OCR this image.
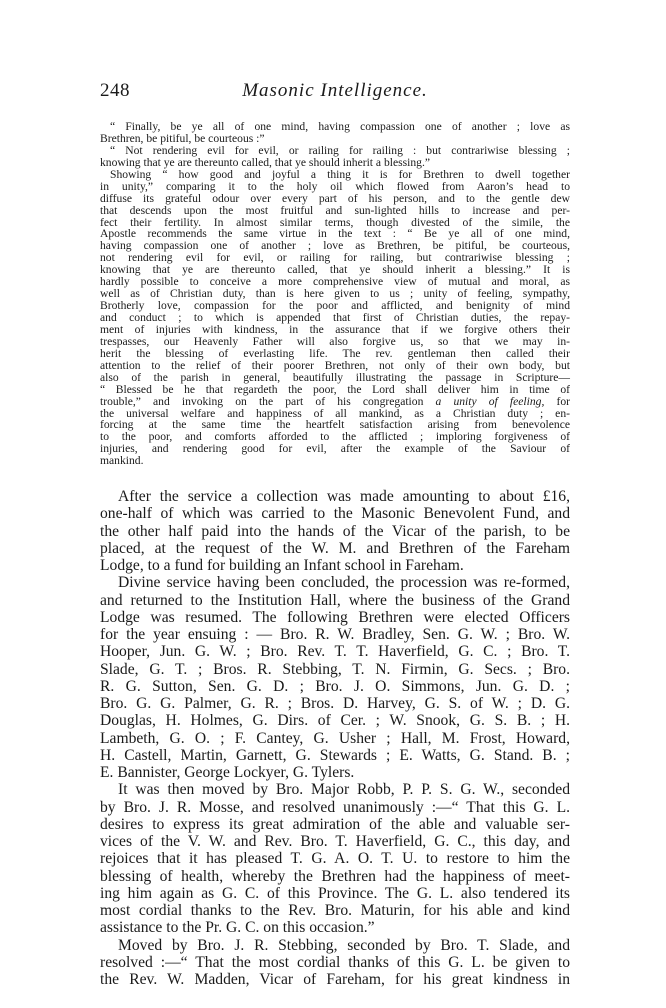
248	Masonic Intelligence.
“ Finally, be ye all of one mind, having compassion one of another ; love as
Brethren, be pitiful, be courteous :”
“ Not rendering evil for evil, or railing for railing : but contrariwise blessing ;
knowing that ye are thereunto called, that ye should inherit a blessing.”
Showing “ how good and joyful a thing it is for Brethren to dwell together
in unity,” comparing it to the holy oil which flowed from Aaron’s head to
diffuse its grateful odour over every part of his person, and to the gentle dew
that descends upon the most fruitful and sun-lighted hills to increase and per-
fect their fertility. In almost similar terms, though divested of the simile, the
Apostle recommends the same virtue in the text : “ Be ye all of one mind,
having compassion one of another ; love as Brethren, be pitiful, be courteous,
not rendering evil for evil, or railing for railing, but contrariwise blessing ;
knowing that ye are thereunto called, that ye should inherit a blessing.” It is
hardly possible to conceive a more comprehensive view of mutual and moral, as
well as of Christian duty, than is here given to us ; unity of feeling, sympathy,
Brotherly love, compassion for the poor and afflicted, and benignity of mind
and conduct ; to which is appended that first of Christian duties, the repay-
ment of injuries with kindness, in the assurance that if we forgive others their
trespasses, our Heavenly Father will also forgive us, so that we may in-
herit the blessing of everlasting life. The rev. gentleman then called their
attention to the relief of their poorer Brethren, not only of their own body, but
also of the parish in general, beautifully illustrating the passage in Scripture—
“ Blessed be he that regardeth the poor, the Lord shall deliver him in time of
trouble,” and invoking on the part of his congregation a unity of feeling, for
the universal welfare and happiness of all mankind, as a Christian duty ; en-
forcing at the same time the heartfelt satisfaction arising from benevolence
to the poor, and comforts afforded to the afflicted ; imploring forgiveness of
injuries, and rendering good for evil, after the example of the Saviour of
mankind.
After the service a collection was made amounting to about £16,
one-half of which was carried to the Masonic Benevolent Fund, and
the other half paid into the hands of the Vicar of the parish, to be
placed, at the request of the W. M. and Brethren of the Fareham
Lodge, to a fund for building an Infant school in Fareham.
Divine service having been concluded, the procession was re-formed,
and returned to the Institution Hall, where the business of the Grand
Lodge was resumed. The following Brethren were elected Officers
for the year ensuing : — Bro. R. W. Bradley, Sen. G. W. ; Bro. W.
Hooper, Jun. G. W. ; Bro. Rev. T. T. Haverfield, G. C. ; Bro. T.
Slade, G. T. ; Bros. R. Stebbing, T. N. Firmin, G. Secs. ; Bro.
R. G. Sutton, Sen. G. D. ; Bro. J. O. Simmons, Jun. G. D. ;
Bro. G. G. Palmer, G. R. ; Bros. D. Harvey, G. S. of W. ; D. G.
Douglas, H. Holmes, G. Dirs. of Cer. ; W. Snook, G. S. B. ; H.
Lambeth, G. O. ; F. Cantey, G. Usher ; Hall, M. Frost, Howard,
H. Castell, Martin, Garnett, G. Stewards ; E. Watts, G. Stand. B. ;
E. Bannister, George Lockyer, G. Tylers.
It was then moved by Bro. Major Robb, P. P. S. G. W., seconded
by Bro. J. R. Mosse, and resolved unanimously :—“ That this G. L.
desires to express its great admiration of the able and valuable ser-
vices of the V. W. and Rev. Bro. T. Haverfield, G. C., this day, and
rejoices that it has pleased T. G. A. O. T. U. to restore to him the
blessing of health, whereby the Brethren had the happiness of meet-
ing him again as G. C. of this Province. The G. L. also tendered its
most cordial thanks to the Rev. Bro. Maturin, for his able and kind
assistance to the Pr. G. C. on this occasion.”
Moved by Bro. J. R. Stebbing, seconded by Bro. T. Slade, and
resolved :—“ That the most cordial thanks of this G. L. be given to
the Rev. W. Madden, Vicar of Fareham, for his great kindness in
